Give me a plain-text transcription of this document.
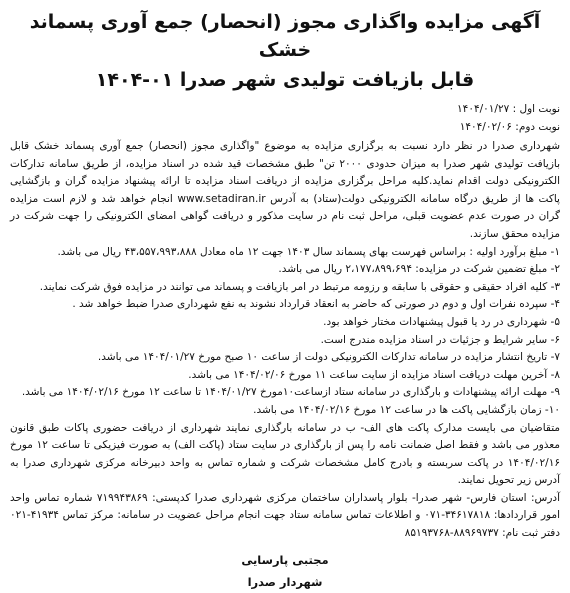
آگهی مزایده واگذاری مجوز (انحصار) جمع آوری پسماند خشک
قابل بازیافت تولیدی شهر صدرا ۰۱-۱۴۰۴
نوبت اول : ۱۴۰۴/۰۱/۲۷
نوبت دوم: ۱۴۰۴/۰۲/۰۶

شهرداری صدرا در نظر دارد نسبت به برگزاری مزایده به موضوع "واگذاری مجوز (انحصار) جمع آوری پسماند خشک قابل بازیافت تولیدی شهر صدرا به میزان حدودی ۲۰۰۰ تن" طبق مشخصات قید شده در اسناد مزایده، از طریق سامانه تدارکات الکترونیکی دولت اقدام نماید.کلیه مراحل برگزاری مزایده از دریافت اسناد مزایده تا ارائه پیشنهاد مزایده گران و بازگشایی پاکت ها از طریق درگاه سامانه الکترونیکی دولت(ستاد) به آدرس www.setadiran.ir انجام خواهد شد و لازم است مزایده گران در صورت عدم عضویت قبلی، مراحل ثبت نام در سایت مذکور و دریافت گواهی امضای الکترونیکی را جهت شرکت در مزایده محقق سازند.

۱- مبلغ برآورد اولیه : براساس فهرست بهای پسماند سال ۱۴۰۳ جهت ۱۲ ماه معادل ۴۳،۵۵۷،۹۹۳،۸۸۸ ریال می باشد.
۲- مبلغ تضمین شرکت در مزایده: ۲،۱۷۷،۸۹۹،۶۹۴ ریال می باشد.
۳- کلیه افراد حقیقی و حقوقی با سابقه و رزومه مرتبط در امر بازیافت و پسماند می توانند در مزایده فوق شرکت نمایند.
۴- سپرده نفرات اول و دوم در صورتی که حاضر به انعقاد قرارداد نشوند به نفع شهرداری صدرا ضبط خواهد شد .
۵- شهرداری در رد یا قبول پیشنهادات مختار خواهد بود.
۶- سایر شرایط و جزئیات در اسناد مزایده مندرج است.
۷- تاریخ انتشار مزایده در سامانه تدارکات الکترونیکی دولت از ساعت ۱۰ صبح مورخ ۱۴۰۴/۰۱/۲۷ می باشد.
۸- آخرین مهلت دریافت اسناد مزایده از سایت ساعت ۱۱ مورخ ۱۴۰۴/۰۲/۰۶ می باشد.
۹- مهلت ارائه پیشنهادات و بارگذاری در سامانه ستاد ازساعت۱۰مورخ ۱۴۰۴/۰۱/۲۷ تا ساعت ۱۲ مورخ ۱۴۰۴/۰۲/۱۶ می باشد.
۱۰- زمان بازگشایی پاکت ها در ساعت ۱۲ مورخ ۱۴۰۴/۰۲/۱۶ می باشد.

متقاضیان می بایست مدارک پاکت های الف- ب در سامانه بارگذاری نمایند شهرداری از دریافت حضوری پاکات طبق قانون معذور می باشد و فقط اصل ضمانت نامه را پس از بارگذاری در سایت ستاد (پاکت الف) به صورت فیزیکی تا ساعت ۱۲ مورخ ۱۴۰۴/۰۲/۱۶ در پاکت سربسته و بادرج کامل مشخصات شرکت و شماره تماس به واحد دبیرخانه مرکزی شهرداری صدرا به آدرس زیر تحویل نمایند.

آدرس: استان فارس- شهر صدرا- بلوار پاسداران ساختمان مرکزی شهرداری صدرا کدپستی: ۷۱۹۹۴۳۸۶۹ شماره تماس واحد امور قراردادها: ۳۴۶۱۷۸۱۸-۰۷۱ و اطلاعات تماس سامانه ستاد جهت انجام مراحل عضویت در سامانه: مرکز تماس ۴۱۹۳۴-۰۲۱ دفتر ثبت نام: ۸۸۹۶۹۷۳۷-۸۵۱۹۳۷۶۸

مجتبی پارسایی
شهردار صدرا
